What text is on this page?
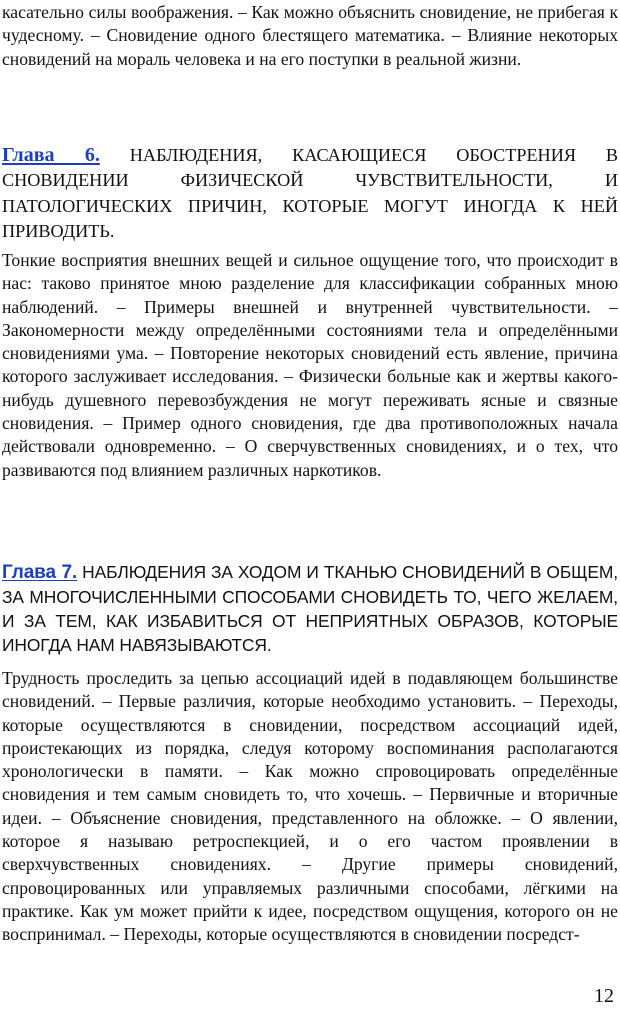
касательно силы воображения. – Как можно объяснить сновидение, не прибегая к чудесному. – Сновидение одного блестящего математика. – Влияние некоторых сновидений на мораль человека и на его поступки в реальной жизни.

Глава 6. НАБЛЮДЕНИЯ, КАСАЮЩИЕСЯ ОБОСТРЕНИЯ В СНОВИДЕНИИ ФИЗИЧЕСКОЙ ЧУВСТВИТЕЛЬНОСТИ, И ПАТОЛОГИЧЕСКИХ ПРИЧИН, КОТОРЫЕ МОГУТ ИНОГДА К НЕЙ ПРИВОДИТЬ.

Тонкие восприятия внешних вещей и сильное ощущение того, что происходит в нас: таково принятое мною разделение для классификации собранных мною наблюдений. – Примеры внешней и внутренней чувствительности. – Закономерности между определёнными состояниями тела и определёнными сновидениями ума. – Повторение некоторых сновидений есть явление, причина которого заслуживает исследования. – Физически больные как и жертвы какого-нибудь душевного перевозбуждения не могут переживать ясные и связные сновидения. – Пример одного сновидения, где два противоположных начала действовали одновременно. – О сверчувственных сновидениях, и о тех, что развиваются под влиянием различных наркотиков.

Глава 7. НАБЛЮДЕНИЯ ЗА ХОДОМ И ТКАНЬЮ СНОВИДЕНИЙ В ОБЩЕМ, ЗА МНОГОЧИСЛЕННЫМИ СПОСОБАМИ СНОВИДЕТЬ ТО, ЧЕГО ЖЕЛАЕМ, И ЗА ТЕМ, КАК ИЗБАВИТЬСЯ ОТ НЕПРИЯТНЫХ ОБРАЗОВ, КОТОРЫЕ ИНОГДА НАМ НАВЯЗЫВАЮТСЯ.

Трудность проследить за цепью ассоциаций идей в подавляющем большинстве сновидений. – Первые различия, которые необходимо установить. – Переходы, которые осуществляются в сновидении, посредством ассоциаций идей, проистекающих из порядка, следуя которому воспоминания располагаются хронологически в памяти. – Как можно спровоцировать определённые сновидения и тем самым сновидеть то, что хочешь. – Первичные и вторичные идеи. – Объяснение сновидения, представленного на обложке. – О явлении, которое я называю ретроспекцией, и о его частом проявлении в сверхчувственных сновидениях. – Другие примеры сновидений, спровоцированных или управляемых различными способами, лёгкими на практике. Как ум может прийти к идее, посредством ощущения, которого он не воспринимал. – Переходы, которые осуществляются в сновидении посредст-

12
